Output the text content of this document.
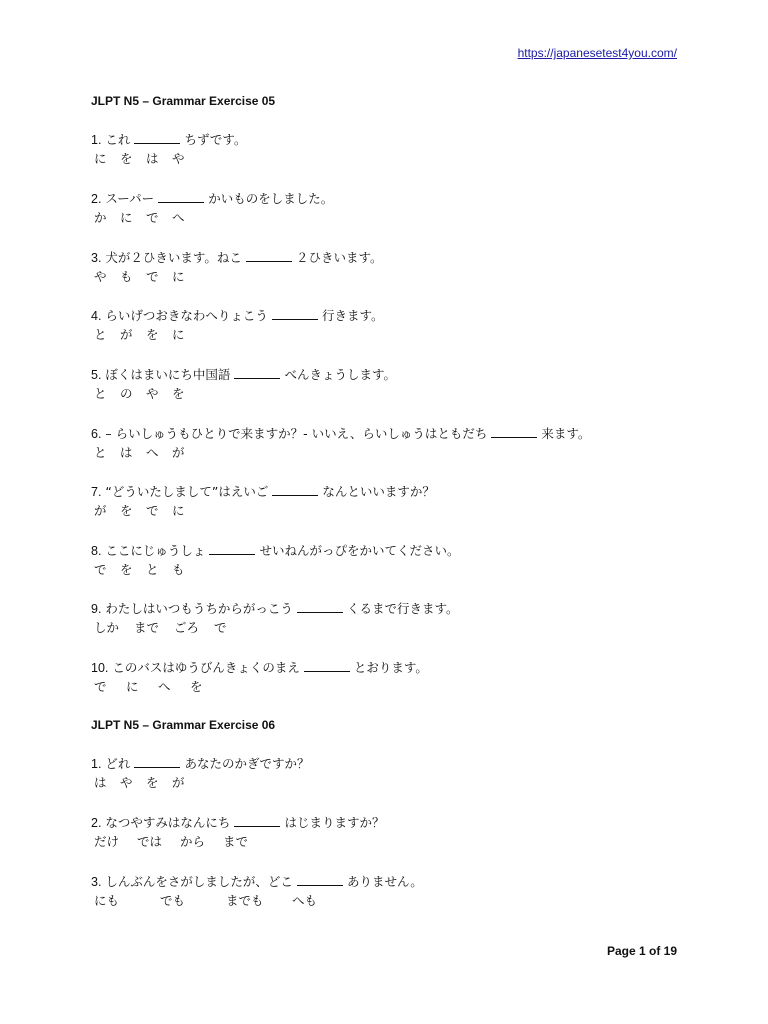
https://japanesetest4you.com/
JLPT N5 – Grammar Exercise 05
1. これ	ちずです。
に	を	は	や
2. スーパー	かいものをしました。
か	に	で	へ
3. 犬が２ひきいます。ねこ	２ひきいます。
や	も	で	に
4. らいげつおきなわへりょこう	行きます。
と	が	を	に
5. ぼくはまいにち中国語	べんきょうします。
と	の	や	を
6. – らいしゅうもひとりで来ますか？- いいえ、らいしゅうはともだち	来ます。
と	は	へ	が
7. “どういたしまして”はえいご	なんといいますか？
が	を	で	に
8. ここにじゅうしょ	せいねんがっぴをかいてください。
で	を	と	も
9. わたしはいつもうちからがっこう	くるまで行きます。
しか	まで	ごろ	で
10. このバスはゆうびんきょくのまえ	とおります。
で	に	へ	を
JLPT N5 – Grammar Exercise 06
1. どれ	あなたのかぎですか？
は	や	を	が
2. なつやすみはなんにち	はじまりますか？
だけ	では	から	まで
3. しんぶんをさがしましたが、どこ	ありません。
にも	でも	までも	へも
Page 1 of 19
